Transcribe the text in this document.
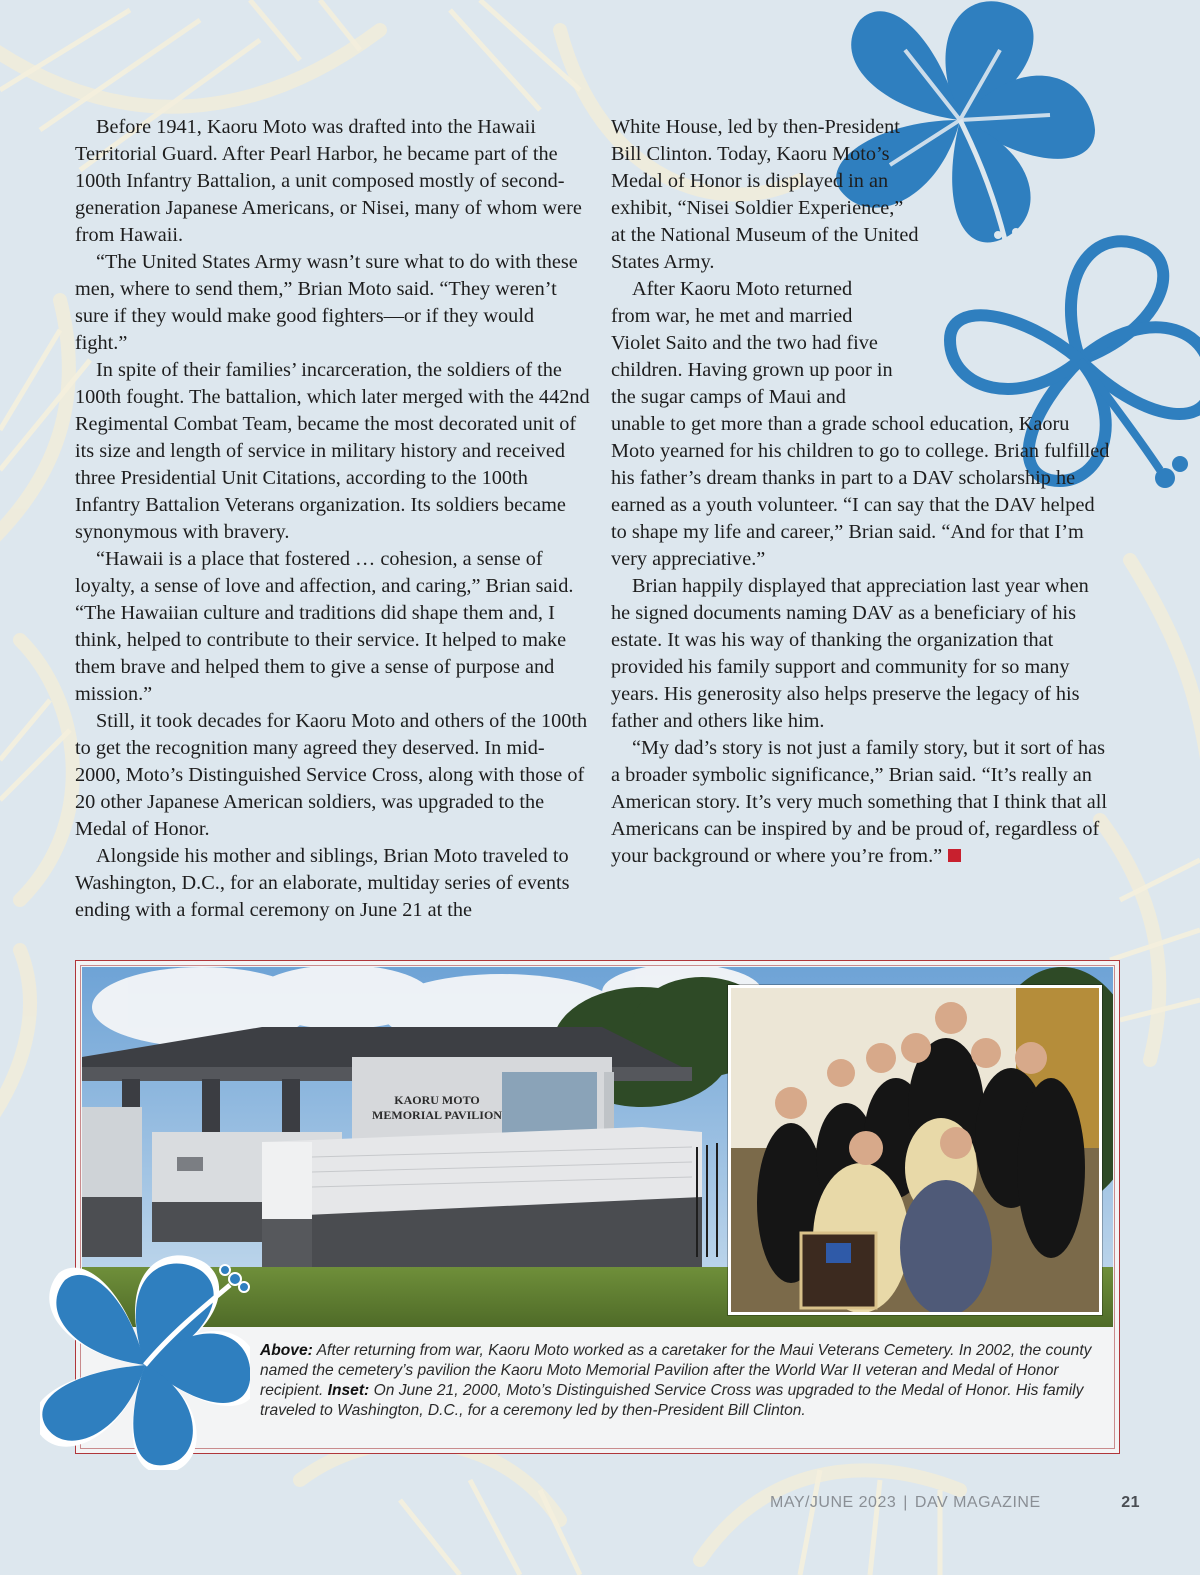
Before 1941, Kaoru Moto was drafted into the Hawaii Territorial Guard. After Pearl Harbor, he became part of the 100th Infantry Battalion, a unit composed mostly of second-generation Japanese Americans, or Nisei, many of whom were from Hawaii.

“The United States Army wasn’t sure what to do with these men, where to send them,” Brian Moto said. “They weren’t sure if they would make good fighters—or if they would fight.”

In spite of their families’ incarceration, the soldiers of the 100th fought. The battalion, which later merged with the 442nd Regimental Combat Team, became the most decorated unit of its size and length of service in military history and received three Presidential Unit Citations, according to the 100th Infantry Battalion Veterans organization. Its soldiers became synonymous with bravery.

“Hawaii is a place that fostered … cohesion, a sense of loyalty, a sense of love and affection, and caring,” Brian said. “The Hawaiian culture and traditions did shape them and, I think, helped to contribute to their service. It helped to make them brave and helped them to give a sense of purpose and mission.”

Still, it took decades for Kaoru Moto and others of the 100th to get the recognition many agreed they deserved. In mid-2000, Moto’s Distinguished Service Cross, along with those of 20 other Japanese American soldiers, was upgraded to the Medal of Honor.

Alongside his mother and siblings, Brian Moto traveled to Washington, D.C., for an elaborate, multiday series of events ending with a formal ceremony on June 21 at the

White House, led by then-President Bill Clinton. Today, Kaoru Moto’s Medal of Honor is displayed in an exhibit, “Nisei Soldier Experience,” at the National Museum of the United States Army.

After Kaoru Moto returned from war, he met and married Violet Saito and the two had five children. Having grown up poor in the sugar camps of Maui and

unable to get more than a grade school education, Kaoru Moto yearned for his children to go to college. Brian fulfilled his father’s dream thanks in part to a DAV scholarship he earned as a youth volunteer. “I can say that the DAV helped to shape my life and career,” Brian said. “And for that I’m very appreciative.”

Brian happily displayed that appreciation last year when he signed documents naming DAV as a beneficiary of his estate. It was his way of thanking the organization that provided his family support and community for so many years. His generosity also helps preserve the legacy of his father and others like him.

“My dad’s story is not just a family story, but it sort of has a broader symbolic significance,” Brian said. “It’s really an American story. It’s very much something that I think that all Americans can be inspired by and be proud of, regardless of your background or where you’re from.”

KAORU MOTO
MEMORIAL PAVILION
Above: After returning from war, Kaoru Moto worked as a caretaker for the Maui Veterans Cemetery. In 2002, the county named the cemetery’s pavilion the Kaoru Moto Memorial Pavilion after the World War II veteran and Medal of Honor recipient. Inset: On June 21, 2000, Moto’s Distinguished Service Cross was upgraded to the Medal of Honor. His family traveled to Washington, D.C., for a ceremony led by then-President Bill Clinton.
MAY/JUNE 2023 | DAV MAGAZINE	21
